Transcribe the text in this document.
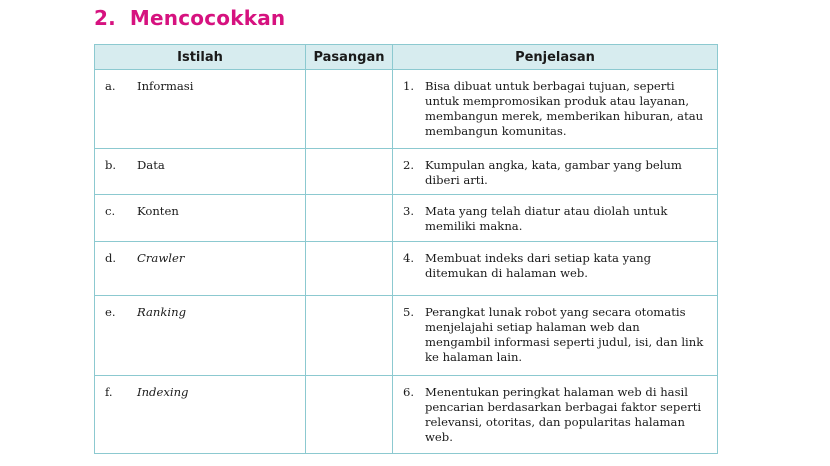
2. Mencocokkan
Istilah	Pasangan	Penjelasan
a. Informasi		1. Bisa dibuat untuk berbagai tujuan, seperti untuk mempromosikan produk atau layanan, membangun merek, memberikan hiburan, atau membangun komunitas.
b. Data		2. Kumpulan angka, kata, gambar yang belum diberi arti.
c. Konten		3. Mata yang telah diatur atau diolah untuk memiliki makna.
d. Crawler		4. Membuat indeks dari setiap kata yang ditemukan di halaman web.
e. Ranking		5. Perangkat lunak robot yang secara otomatis menjelajahi setiap halaman web dan mengambil informasi seperti judul, isi, dan link ke halaman lain.
f. Indexing		6. Menentukan peringkat halaman web di hasil pencarian berdasarkan berbagai faktor seperti relevansi, otoritas, dan popularitas halaman web.
